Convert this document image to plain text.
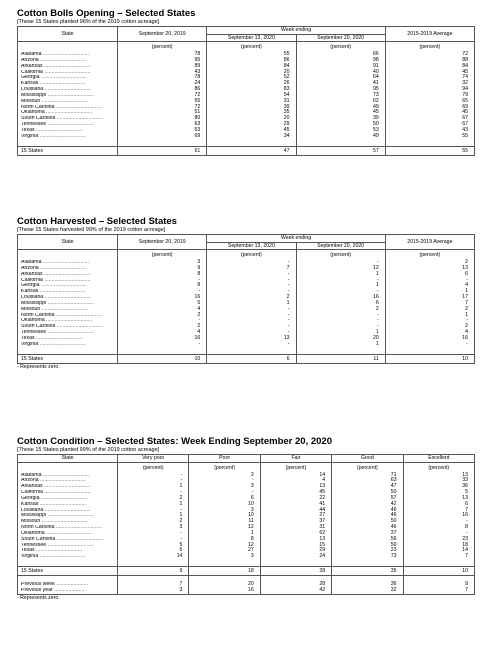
Cotton Bolls Opening – Selected States
[These 15 States planted 96% of the 2019 cotton acreage]
State	September 20, 2019	Week ending		2015-2019 Average
		September 13, 2020	September 20, 2020	
	(percent)	(percent)	(percent)	(percent)
Alabama ................................	78	55	66	72
Arizona ................................	95	86	98	88
Arkansas ................................	89	84	91	84
California ................................	43	20	40	45
Georgia ................................	78	52	64	74
Kansas ................................	24	26	41	32
Louisiana ................................	86	83	95	94
Mississippi ................................	72	54	73	79
Missouri ................................	55	31	62	65
North Carolina ................................	72	39	49	69
Oklahoma ................................	51	35	45	45
South Carolina ................................	80	20	39	67
Tennessee ................................	63	29	50	67
Texas ................................	53	45	53	43
Virginia ................................	69	34	49	55

15 States	61	47	57	55
Cotton Harvested – Selected States
[These 15 States harvested 99% of the 2019 cotton acreage]
State	September 20, 2019	Week ending		2015-2019 Average
		September 13, 2020	September 20, 2020	
	(percent)	(percent)	(percent)	(percent)
Alabama ................................	3	-	-	2
Arizona ................................	9	7	12	13
Arkansas ................................	8	-	1	6
California ................................	-	-	-	-
Georgia ................................	8	-	1	4
Kansas ................................	-	-	-	1
Louisiana ................................	16	2	16	17
Mississippi ................................	5	1	6	7
Missouri ................................	4	-	2	2
North Carolina ................................	2	-	-	1
Oklahoma ................................	-	-	-	-
South Carolina ................................	2	-	-	2
Tennessee ................................	4	-	1	4
Texas ................................	16	13	20	16
Virginia ................................	-	-	1	-

15 States	10	6	11	10
- Represents zero.
Cotton Condition – Selected States: Week Ending September 20, 2020
[These 15 States planted 99% of the 2019 cotton acreage]
State	Very poor	Poor	Fair	Good	Excellent
	(percent)	(percent)	(percent)	(percent)	(percent)
Alabama ................................	-	2	14	71	13
Arizona ................................	-	-	4	63	33
Arkansas ................................	1	3	13	47	36
California ................................	-	-	45	50	5
Georgia ................................	2	6	22	57	13
Kansas ................................	1	10	41	42	6
Louisiana ................................	-	3	44	46	7
Mississippi ................................	1	10	27	46	16
Missouri ................................	2	11	37	50	-
North Carolina ................................	3	12	31	46	8
Oklahoma ................................	-	1	62	37	-
South Carolina ................................	-	8	13	56	23
Tennessee ................................	5	12	15	50	18
Texas ................................	6	27	29	23	14
Virginia ................................	14	3	24	73	7

15 States	9	18	28	35	10

Previous week ......................	7	20	28	36	9
Previous year ......................	3	16	42	32	7
- Represents zero.
